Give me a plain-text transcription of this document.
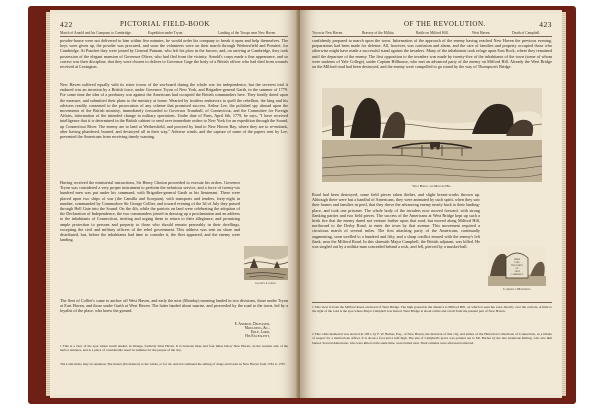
422	PICTORIAL FIELD-BOOK
March of Arnold and his Company to Cambridge.	Expedition under Tryon.	Landing of the Troops near New Haven.

powder-house were not delivered to him within five minutes, he would order his company to break it open and help themselves. The keys were given up, the powder was procured, and soon the volunteers were on their march through Wethersfield and Pomfret, for Cambridge. At Pomfret they were joined by General Putnam, who left his plow in the furrow; and, on arriving at Cambridge, they took possession of the elegant mansion of Governor Oliver, who had fled from the vicinity. Arnold's corps made a fine appearance, and so correct was their discipline, that they were chosen to deliver to Governor Gage the body of a British officer who had died from wounds received at Lexington.

New Haven suffered equally with its sister towns of the sea-board during the whole war for independence, but the severest trial it endured was an invasion by a British force, under Governor Tryon of New York, and Brigadier-general Garth, in the summer of 1779. For some time the idea of a predatory war against the Americans had occupied the British commanders here. They fondly doted upon the measure, and submitted their plans to the ministry at home. Wearied by fruitless endeavors to quell the rebellion, the king and his advisers readily consented to the prosecution of any scheme that promised success. Arthur Lee, the polished spy abroad upon the movements of the British ministry, immediately forwarded to Governor Trumbull, of Connecticut, and the Committee for Foreign Affairs, information of the intended change in military operations. Under date of Paris, April 6th, 1779, he says, "I have received intelligence that it is determined in the British cabinet to send over immediate orders to New York for an expedition through the Sound, up Connecticut River. The enemy are to land at Wethersfield, and proceed by land to New Haven Bay, where they are to re-embark, after having plundered, burned, and destroyed all in their way." Adverse winds, and the capture of some of the papers sent by Lee, prevented the Americans from receiving timely warning.

Having received the ministerial instructions, Sir Henry Clinton proceeded to execute his orders. Governor Tryon was considered a very proper instrument to perform the nefarious service, and a force of twenty-six hundred men was put under his command, with Brigadier-general Garth as his lieutenant. These were placed upon two ships of war (the Camilla and Scorpion), with transports and tenders, forty-eight in number, commanded by Commodore Sir George Collier, and toward evening of the 3d of July they passed through Hell Gate into the Sound. On the 4th, while the patriots on land were celebrating the adoption of the Declaration of Independence, the two commanders joined in drawing up a proclamation and an address to the inhabitants of Connecticut, inviting and urging them to return to their allegiance, and promising ample protection to persons and property to those who should remain peaceably in their dwellings, excepting the civil and military officers of the rebel government. This address was sent on shore and distributed, but, before the inhabitants had time to consider it, the fleet appeared, and the enemy were landing.

Garth's Landing.

The fleet of Collier's came to anchor off West Haven, and early the next (Monday) morning landed in two divisions, those under Tryon at East Haven, and those under Garth at West Haven. The latter landed about sunrise, and proceeded by the road to the town, led by a loyalist of the place, who knew the ground.

E. Andros, Deceased,
Moulding, &c.,
Erle, Lord,
His Excellent,

1 This is a view of the spot where Garth landed, in Orange, formerly West Haven. It is between three and four miles below New Haven, on the western side of the harbor entrance, and is a place of considerable resort in summer for the people of the city.

The Latin motto may be rendered, The mount (Providence) to the whole, or for all. Arnold continued the selling of drugs and books in New Haven from 1762 to 1767.

OF THE REVOLUTION.	423
Tryon in New Haven.	Bravery of the Militia.	Battle on Milford Hill.	West Haven.	Death of Campbell.

confidently prepared to march upon the town. Information of the approach of the enemy having reached New Haven the previous evening, preparations had been made for defense. All, however, was confusion and alarm, and the care of families and property occupied those who otherwise might have made a successful stand against the invaders. Many of the inhabitants took refuge upon East Rock, where they remained until the departure of the enemy. The first opposition to the invaders was made by twenty-five of the inhabitants of the town (some of whom were students of Yale College), under Captain Hillhouse, who met an advanced party of the enemy on Milford Hill. Already the West Bridge on the Milford road had been destroyed, and the enemy were compelled to go round by the way of Thompson's Bridge.

West Bridge and Milford Hill.

Road had been destroyed, some field pieces taken thither, and slight breast-works thrown up. Although there were but a handful of Americans, they were animated by such spirit, when they saw their homes and families in peril, that they drove the advancing enemy nearly back to their landing-place, and took one prisoner. The whole body of the invaders now moved forward, with strong flanking parties and two field pieces. The success of the Americans at West Bridge kept up such a brisk fire that the enemy dared not venture farther upon that road, but moved along Milford Hill, northward to the Derby Road, to enter the town by that avenue. This movement required a circuitous march of several miles. The first attacking party of the Americans, continually augmenting, soon swelled to a hundred and fifty, and a sharp conflict ensued with the enemy's left flank, near the Milford Road. In this skirmish Major Campbell, the British adjutant, was killed. He was singled out by a militia-man concealed behind a rock, and fell, pierced by a musket-ball.

HERE
LIES
THE BODY
OF
ADJT
CAMPBELL
Campbell's Monument.

1 This view is from the Milford Road, eastward of West Bridge. The high ground in the distance is Milford Hill, on which is seen the road, directly over the carriole. A little to the right of the road is the spot where Major Campbell was buried. West Bridge is about a mile and a half from the present part of New Haven.

2 This cable memorial was erected in 1831, by F. W. Barber, Esq., of New Haven, the historian of that city, and author of the Historical Collections of Connecticut, as a tribute of respect for a meritorious officer. It is about a foot and a half high. The site of Campbell's grave was pointed out to Mr. Barber by the late Giannone Killing, who saw him buried. Several Americans, who were killed at the same time, were buried near. Their remains were afterward removed.
